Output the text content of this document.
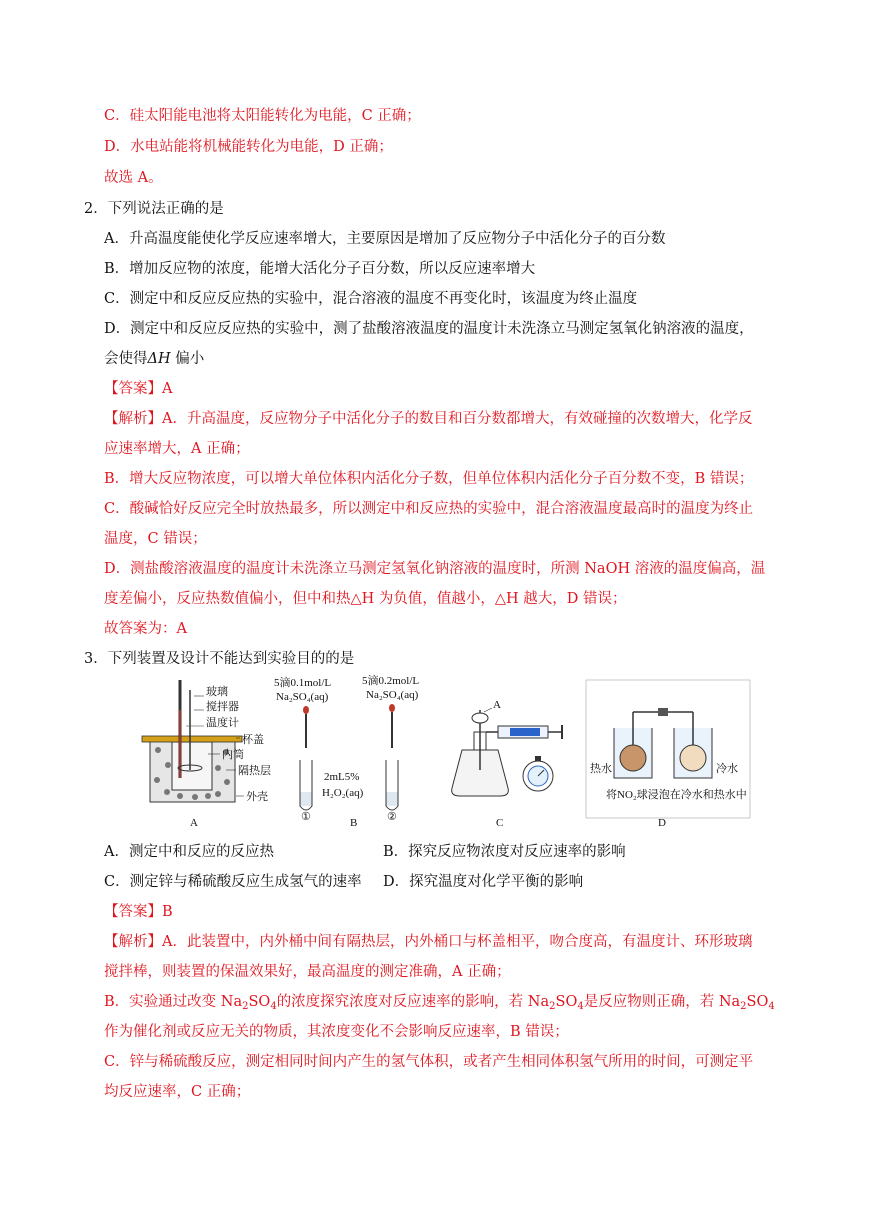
C．硅太阳能电池将太阳能转化为电能，C 正确；
D．水电站能将机械能转化为电能，D 正确；
故选 A。
2．下列说法正确的是
A．升高温度能使化学反应速率增大，主要原因是增加了反应物分子中活化分子的百分数
B．增加反应物的浓度，能增大活化分子百分数，所以反应速率增大
C．测定中和反应反应热的实验中，混合溶液的温度不再变化时，该温度为终止温度
D．测定中和反应反应热的实验中，测了盐酸溶液温度的温度计未洗涤立马测定氢氧化钠溶液的温度，
会使得ΔH 偏小
【答案】A
【解析】A．升高温度，反应物分子中活化分子的数目和百分数都增大，有效碰撞的次数增大，化学反
应速率增大，A 正确；
B．增大反应物浓度，可以增大单位体积内活化分子数，但单位体积内活化分子百分数不变，B 错误；
C．酸碱恰好反应完全时放热最多，所以测定中和反应热的实验中，混合溶液温度最高时的温度为终止
温度，C 错误；
D．测盐酸溶液温度的温度计未洗涤立马测定氢氧化钠溶液的温度时，所测 NaOH 溶液的温度偏高，温
度差偏小，反应热数值偏小，但中和热△H 为负值，值越小，△H 越大，D 错误；
故答案为：A
3．下列装置及设计不能达到实验目的的是
玻璃
搅拌器
温度计
杯盖
内筒
隔热层
外壳
A
5滴0.1mol/L
Na₂SO₄(aq)
5滴0.2mol/L
Na₂SO₄(aq)
2mL5%
H₂O₂(aq)
①	②
B
A
C
热水	冷水
将NO₂球浸泡在冷水和热水中
D
A．测定中和反应的反应热	B．探究反应物浓度对反应速率的影响
C．测定锌与稀硫酸反应生成氢气的速率 D．探究温度对化学平衡的影响
【答案】B
【解析】A．此装置中，内外桶中间有隔热层，内外桶口与杯盖相平，吻合度高，有温度计、环形玻璃
搅拌棒，则装置的保温效果好，最高温度的测定准确，A 正确；
B．实验通过改变 $Na_2SO_4$的浓度探究浓度对反应速率的影响，若 $Na_2SO_4$是反应物则正确，若 $Na_2SO_4$
作为催化剂或反应无关的物质，其浓度变化不会影响反应速率，B 错误；
C．锌与稀硫酸反应，测定相同时间内产生的氢气体积，或者产生相同体积氢气所用的时间，可测定平
均反应速率，C 正确；
